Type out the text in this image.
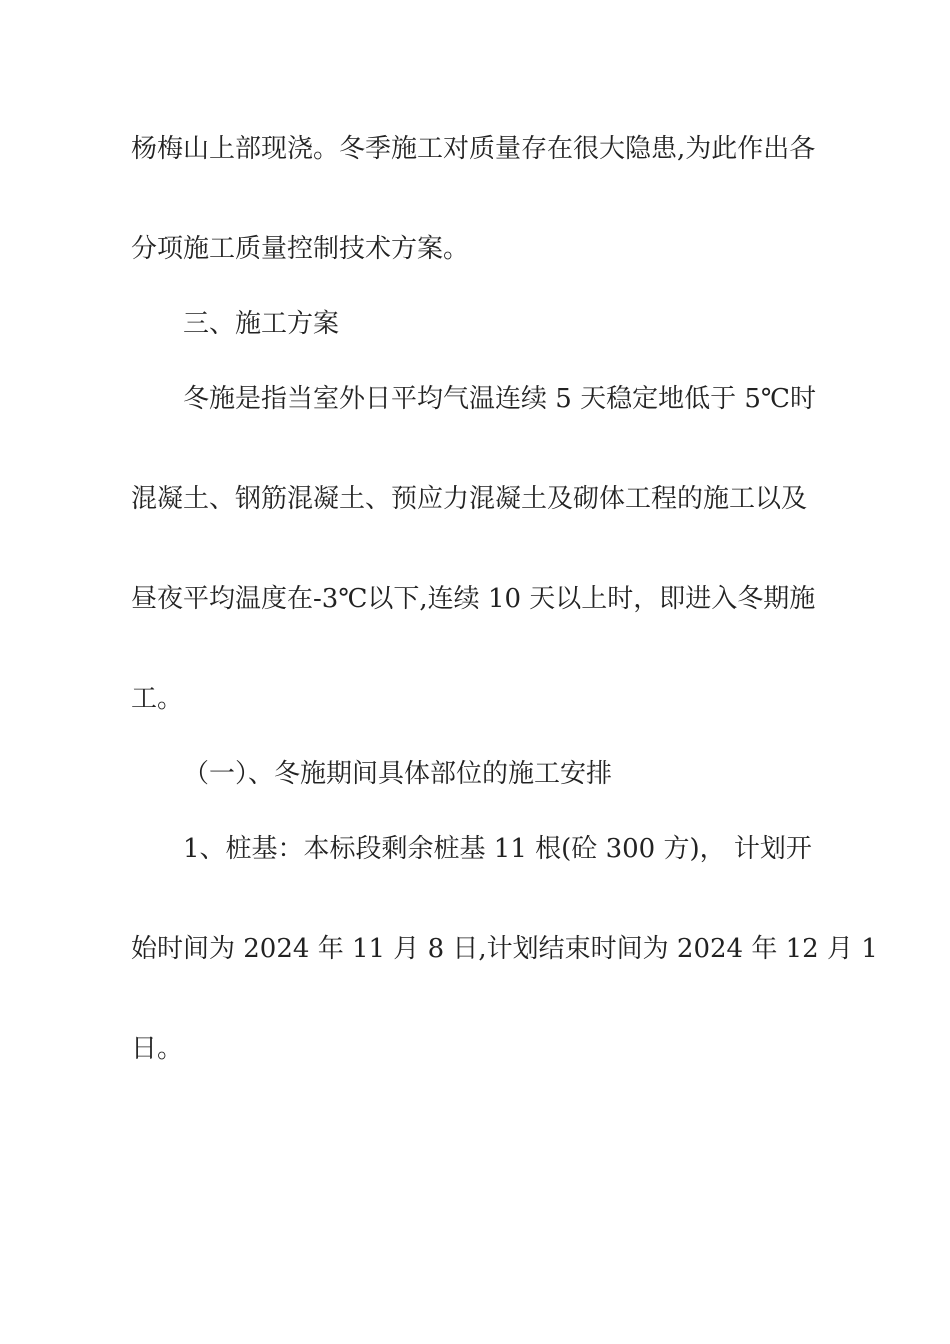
杨梅山上部现浇。冬季施工对质量存在很大隐患,为此作出各
分项施工质量控制技术方案。
三、施工方案
冬施是指当室外日平均气温连续 5 天稳定地低于 5℃时
混凝土、钢筋混凝土、预应力混凝土及砌体工程的施工以及
昼夜平均温度在-3℃以下,连续 10 天以上时，即进入冬期施
工。
（一）、冬施期间具体部位的施工安排
1、桩基：本标段剩余桩基 11 根(砼 300 方)， 计划开
始时间为 2024 年 11 月 8 日,计划结束时间为 2024 年 12 月 1
日。
